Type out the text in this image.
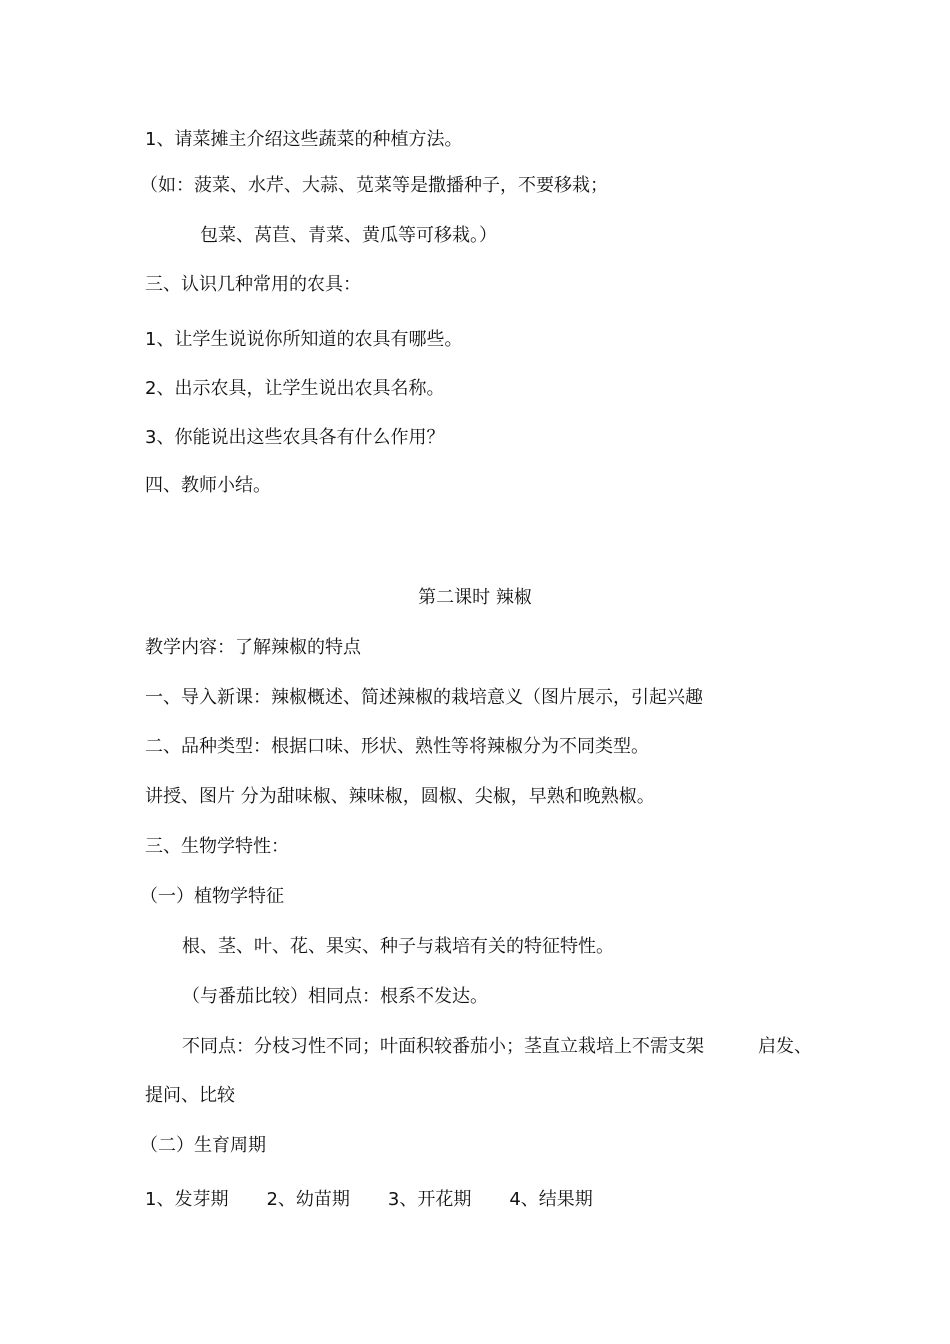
1、请菜摊主介绍这些蔬菜的种植方法。
（如：菠菜、水芹、大蒜、苋菜等是撒播种子，不要移栽；
包菜、莴苣、青菜、黄瓜等可移栽。）
三、认识几种常用的农具：
1、让学生说说你所知道的农具有哪些。
2、出示农具，让学生说出农具名称。
3、你能说出这些农具各有什么作用？
四、教师小结。
第二课时 辣椒
教学内容：了解辣椒的特点
一、导入新课：辣椒概述、简述辣椒的栽培意义（图片展示，引起兴趣
二、品种类型：根据口味、形状、熟性等将辣椒分为不同类型。
讲授、图片 分为甜味椒、辣味椒，圆椒、尖椒，早熟和晚熟椒。
三、生物学特性：
（一）植物学特征
根、茎、叶、花、果实、种子与栽培有关的特征特性。
（与番茄比较）相同点：根系不发达。
不同点：分枝习性不同；叶面积较番茄小；茎直立栽培上不需支架	启发、
提问、比较
（二）生育周期
1、发芽期 2、幼苗期 3、开花期 4、结果期
